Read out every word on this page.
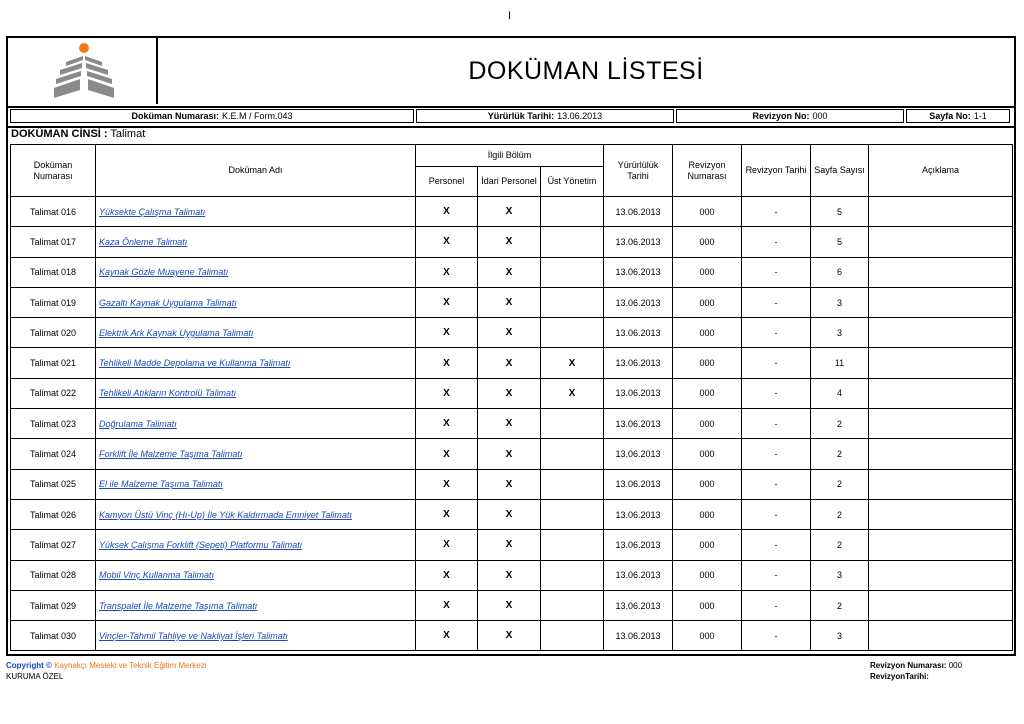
I
DOKÜMAN LİSTESİ
Doküman Numarası: K.E.M / Form.043	Yürürlük Tarihi: 13.06.2013	Revizyon No: 000	Sayfa No: 1-1
DOKÜMAN CİNSİ : Talimat
Doküman Numarası	Doküman Adı	İlgili Bölüm			Yürürlülük Tarihi	Revizyon Numarası	Revizyon Tarihi	Sayfa Sayısı	Açıklama
		Personel	İdari Personel	Üst Yönetim					
Talimat 016	Yüksekte Çalışma Talimatı	X	X		13.06.2013	000	-	5	
Talimat 017	Kaza Önleme Talimatı	X	X		13.06.2013	000	-	5	
Talimat 018	Kaynak Gözle Muayene Talimatı	X	X		13.06.2013	000	-	6	
Talimat 019	Gazaltı Kaynak Uygulama Talimatı	X	X		13.06.2013	000	-	3	
Talimat 020	Elektrik Ark Kaynak Uygulama Talimatı	X	X		13.06.2013	000	-	3	
Talimat 021	Tehlikeli Madde Depolama ve Kullanma Talimatı	X	X	X	13.06.2013	000	-	11	
Talimat 022	Tehlikeli Atıkların Kontrolü Talimatı	X	X	X	13.06.2013	000	-	4	
Talimat 023	Doğrulama Talimatı	X	X		13.06.2013	000	-	2	
Talimat 024	Forklift İle Malzeme Taşıma Talimatı	X	X		13.06.2013	000	-	2	
Talimat 025	El ile Malzeme Taşıma Talimatı	X	X		13.06.2013	000	-	2	
Talimat 026	Kamyon Üstü Vinç (Hı-Up) İle Yük Kaldırmada Emniyet Talimatı	X	X		13.06.2013	000	-	2	
Talimat 027	Yüksek Çalışma Forklift (Sepeti) Platformu Talimatı	X	X		13.06.2013	000	-	2	
Talimat 028	Mobil Vinç Kullanma Talimatı	X	X		13.06.2013	000	-	3	
Talimat 029	Transpalet İle Malzeme Taşıma Talimatı	X	X		13.06.2013	000	-	2	
Talimat 030	Vinçler-Tahmil Tahliye ve Nakliyat İşleri Talimatı	X	X		13.06.2013	000	-	3	
Copyright © Kaynakçı Mesleki ve Teknik Eğitim Merkezi
KURUMA ÖZEL
Revizyon Numarası: 000
RevizyonTarihi:
